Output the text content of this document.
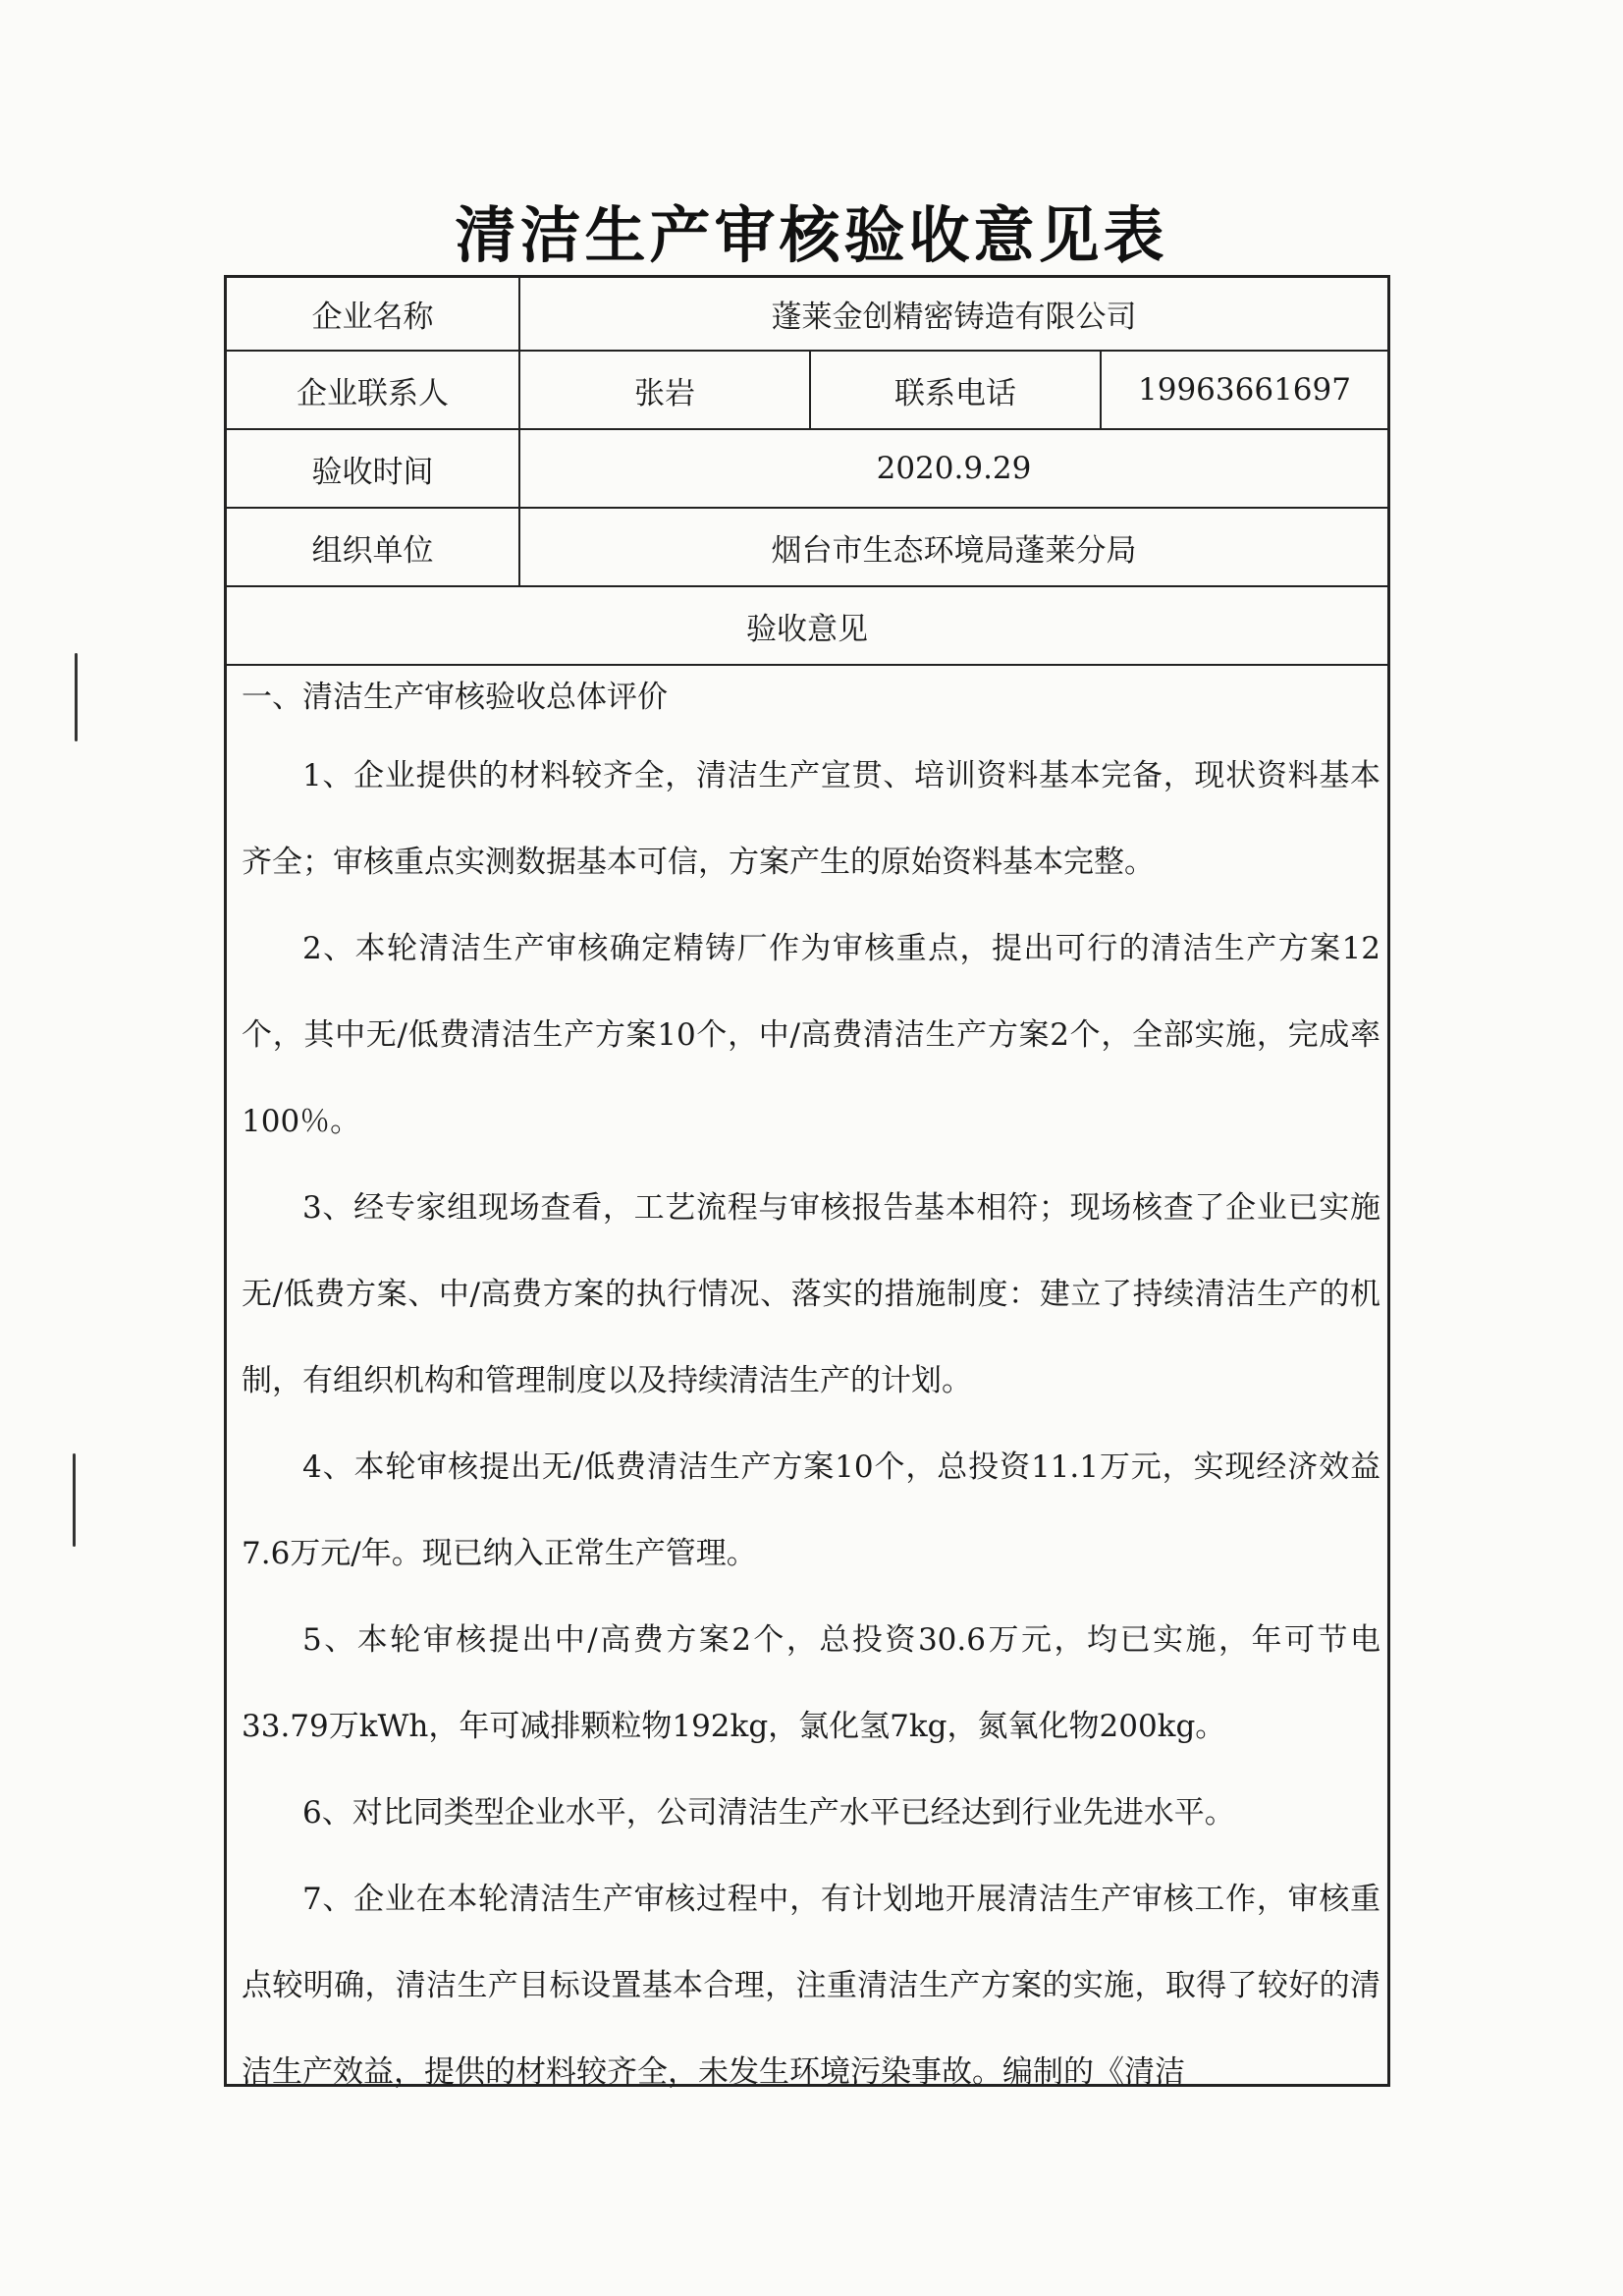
清洁生产审核验收意见表
企业名称	蓬莱金创精密铸造有限公司
企业联系人	张岩	联系电话	19963661697
验收时间	2020.9.29
组织单位	烟台市生态环境局蓬莱分局
验收意见
一、清洁生产审核验收总体评价

1、企业提供的材料较齐全，清洁生产宣贯、培训资料基本完备，现状资料基本齐全；审核重点实测数据基本可信，方案产生的原始资料基本完整。

2、本轮清洁生产审核确定精铸厂作为审核重点，提出可行的清洁生产方案12个，其中无/低费清洁生产方案10个，中/高费清洁生产方案2个，全部实施，完成率100％。

3、经专家组现场查看，工艺流程与审核报告基本相符；现场核查了企业已实施无/低费方案、中/高费方案的执行情况、落实的措施制度：建立了持续清洁生产的机制，有组织机构和管理制度以及持续清洁生产的计划。

4、本轮审核提出无/低费清洁生产方案10个，总投资11.1万元，实现经济效益7.6万元/年。现已纳入正常生产管理。

5、本轮审核提出中/高费方案2个，总投资30.6万元，均已实施，年可节电33.79万kWh，年可减排颗粒物192kg，氯化氢7kg，氮氧化物200kg。

6、对比同类型企业水平，公司清洁生产水平已经达到行业先进水平。

7、企业在本轮清洁生产审核过程中，有计划地开展清洁生产审核工作，审核重点较明确，清洁生产目标设置基本合理，注重清洁生产方案的实施，取得了较好的清洁生产效益，提供的材料较齐全，未发生环境污染事故。编制的《清洁
